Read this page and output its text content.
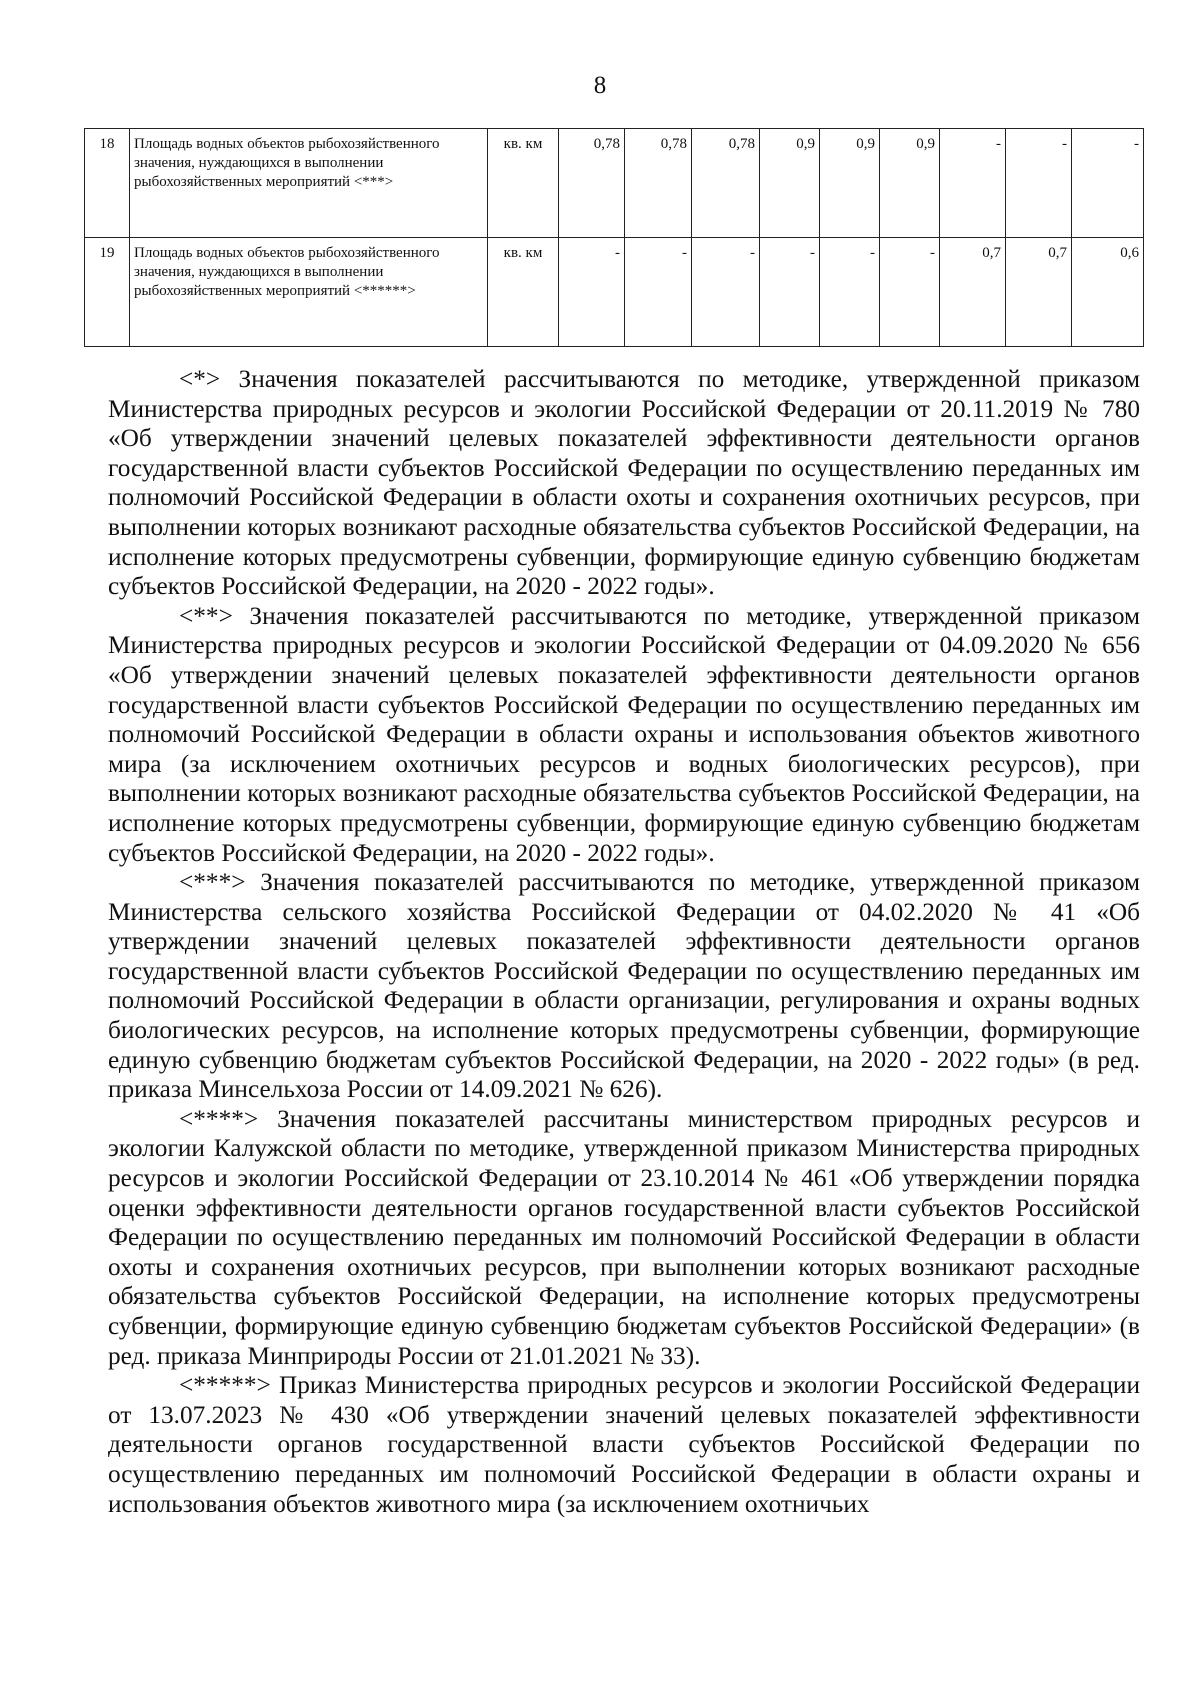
8
18	Площадь водных объектов рыбохозяйственного значения, нуждающихся в выполнении рыбохозяйственных мероприятий <***>	кв. км	0,78	0,78	0,78	0,9	0,9	0,9	-	-	-
19	Площадь водных объектов рыбохозяйственного значения, нуждающихся в выполнении рыбохозяйственных мероприятий <******>	кв. км	-	-	-	-	-	-	0,7	0,7	0,6

<*> Значения показателей рассчитываются по методике, утвержденной приказом Министерства природных ресурсов и экологии Российской Федерации от 20.11.2019 № 780 «Об утверждении значений целевых показателей эффективности деятельности органов государственной власти субъектов Российской Федерации по осуществлению переданных им полномочий Российской Федерации в области охоты и сохранения охотничьих ресурсов, при выполнении которых возникают расходные обязательства субъектов Российской Федерации, на исполнение которых предусмотрены субвенции, формирующие единую субвенцию бюджетам субъектов Российской Федерации, на 2020 - 2022 годы».

<**> Значения показателей рассчитываются по методике, утвержденной приказом Министерства природных ресурсов и экологии Российской Федерации от 04.09.2020 № 656 «Об утверждении значений целевых показателей эффективности деятельности органов государственной власти субъектов Российской Федерации по осуществлению переданных им полномочий Российской Федерации в области охраны и использования объектов животного мира (за исключением охотничьих ресурсов и водных биологических ресурсов), при выполнении которых возникают расходные обязательства субъектов Российской Федерации, на исполнение которых предусмотрены субвенции, формирующие единую субвенцию бюджетам субъектов Российской Федерации, на 2020 - 2022 годы».

<***> Значения показателей рассчитываются по методике, утвержденной приказом Министерства сельского хозяйства Российской Федерации от 04.02.2020 № 41 «Об утверждении значений целевых показателей эффективности деятельности органов государственной власти субъектов Российской Федерации по осуществлению переданных им полномочий Российской Федерации в области организации, регулирования и охраны водных биологических ресурсов, на исполнение которых предусмотрены субвенции, формирующие единую субвенцию бюджетам субъектов Российской Федерации, на 2020 - 2022 годы» (в ред. приказа Минсельхоза России от 14.09.2021 № 626).

<****> Значения показателей рассчитаны министерством природных ресурсов и экологии Калужской области по методике, утвержденной приказом Министерства природных ресурсов и экологии Российской Федерации от 23.10.2014 № 461 «Об утверждении порядка оценки эффективности деятельности органов государственной власти субъектов Российской Федерации по осуществлению переданных им полномочий Российской Федерации в области охоты и сохранения охотничьих ресурсов, при выполнении которых возникают расходные обязательства субъектов Российской Федерации, на исполнение которых предусмотрены субвенции, формирующие единую субвенцию бюджетам субъектов Российской Федерации» (в ред. приказа Минприроды России от 21.01.2021 № 33).

<*****> Приказ Министерства природных ресурсов и экологии Российской Федерации от 13.07.2023 № 430 «Об утверждении значений целевых показателей эффективности деятельности органов государственной власти субъектов Российской Федерации по осуществлению переданных им полномочий Российской Федерации в области охраны и использования объектов животного мира (за исключением охотничьих
